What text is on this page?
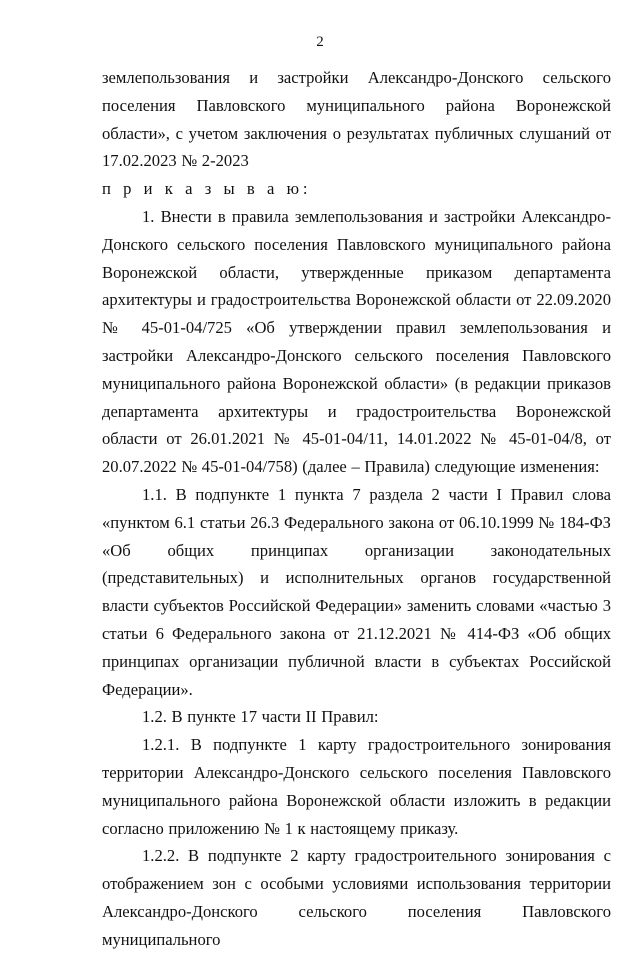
2

землепользования и застройки Александро-Донского сельского поселения Павловского муниципального района Воронежской области», с учетом заключения о результатах публичных слушаний от 17.02.2023 № 2-2023

п р и к а з ы в а ю:

1. Внести в правила землепользования и застройки Александро-Донского сельского поселения Павловского муниципального района Воронежской области, утвержденные приказом департамента архитектуры и градостроительства Воронежской области от 22.09.2020 № 45-01-04/725 «Об утверждении правил землепользования и застройки Александро-Донского сельского поселения Павловского муниципального района Воронежской области» (в редакции приказов департамента архитектуры и градостроительства Воронежской области от 26.01.2021 № 45-01-04/11, 14.01.2022 № 45-01-04/8, от 20.07.2022 № 45-01-04/758) (далее – Правила) следующие изменения:

1.1. В подпункте 1 пункта 7 раздела 2 части I Правил слова «пунктом 6.1 статьи 26.3 Федерального закона от 06.10.1999 № 184-ФЗ «Об общих принципах организации законодательных (представительных) и исполнительных органов государственной власти субъектов Российской Федерации» заменить словами «частью 3 статьи 6 Федерального закона от 21.12.2021 № 414-ФЗ «Об общих принципах организации публичной власти в субъектах Российской Федерации».

1.2. В пункте 17 части II Правил:

1.2.1. В подпункте 1 карту градостроительного зонирования территории Александро-Донского сельского поселения Павловского муниципального района Воронежской области изложить в редакции согласно приложению № 1 к настоящему приказу.

1.2.2. В подпункте 2 карту градостроительного зонирования с отображением зон с особыми условиями использования территории Александро-Донского сельского поселения Павловского муниципального
